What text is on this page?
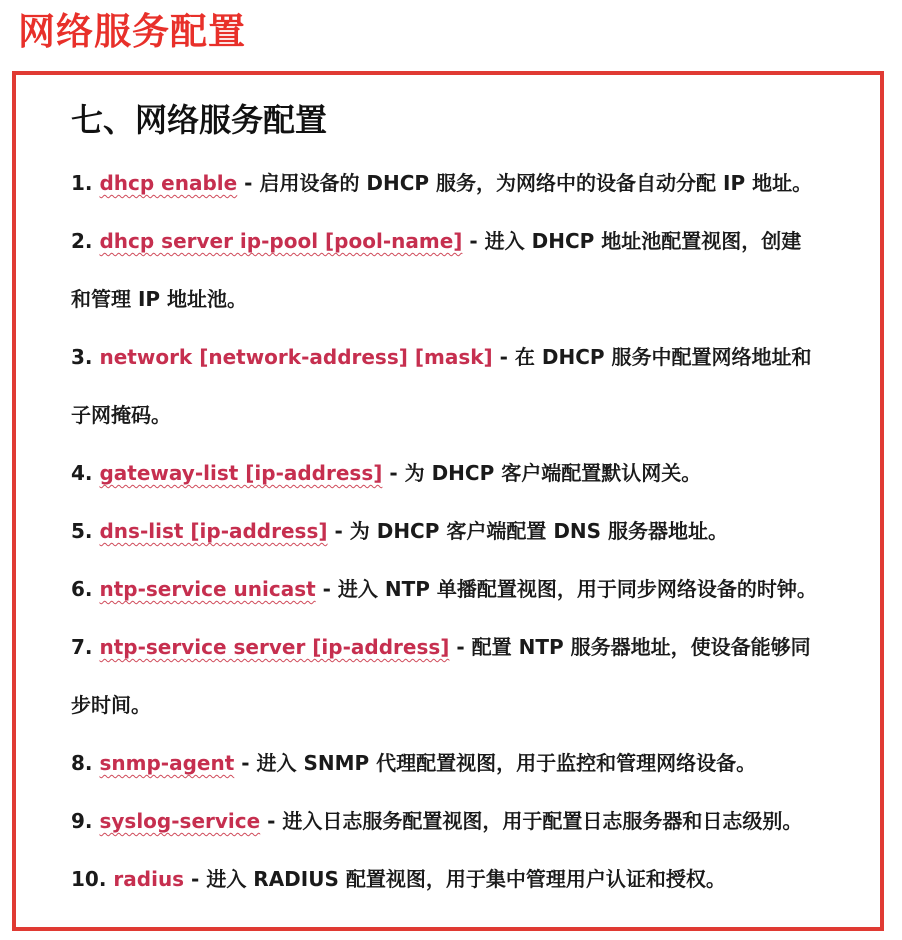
网络服务配置
七、网络服务配置
1. dhcp enable - 启用设备的 DHCP 服务，为网络中的设备自动分配 IP 地址。
2. dhcp server ip-pool [pool-name] - 进入 DHCP 地址池配置视图，创建
和管理 IP 地址池。
3. network [network-address] [mask] - 在 DHCP 服务中配置网络地址和
子网掩码。
4. gateway-list [ip-address] - 为 DHCP 客户端配置默认网关。
5. dns-list [ip-address] - 为 DHCP 客户端配置 DNS 服务器地址。
6. ntp-service unicast - 进入 NTP 单播配置视图，用于同步网络设备的时钟。
7. ntp-service server [ip-address] - 配置 NTP 服务器地址，使设备能够同
步时间。
8. snmp-agent - 进入 SNMP 代理配置视图，用于监控和管理网络设备。
9. syslog-service - 进入日志服务配置视图，用于配置日志服务器和日志级别。
10. radius - 进入 RADIUS 配置视图，用于集中管理用户认证和授权。
